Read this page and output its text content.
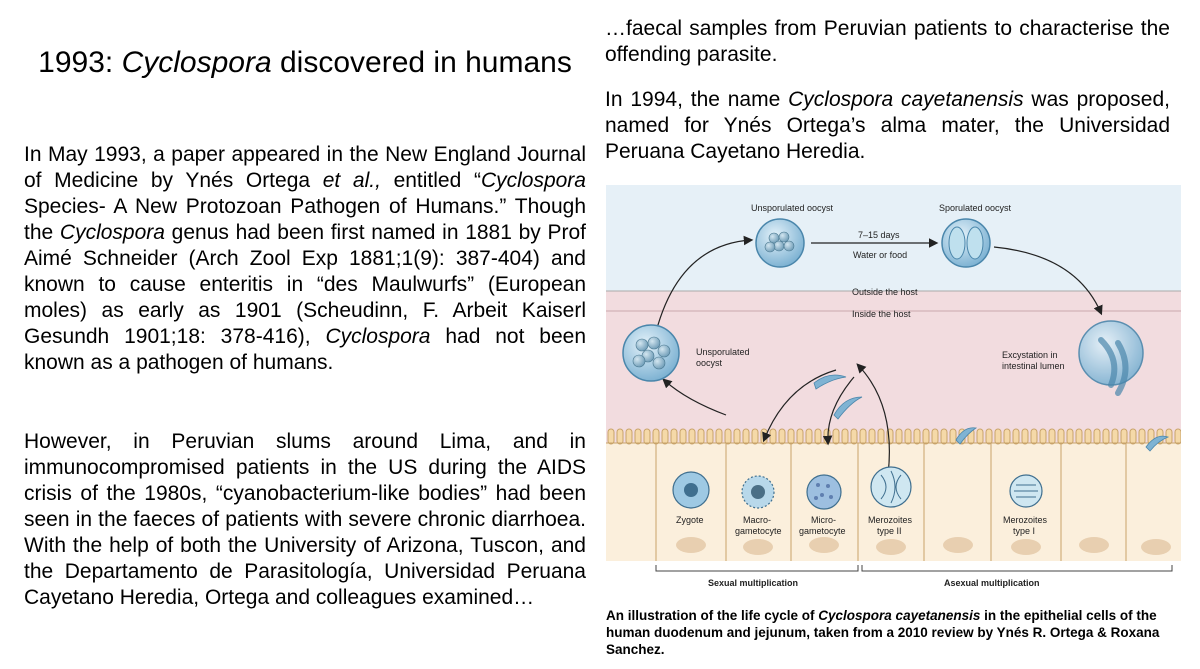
1993: Cyclospora discovered in humans

In May 1993, a paper appeared in the New England Journal of Medicine by Ynés Ortega et al., entitled “Cyclospora Species- A New Protozoan Pathogen of Humans.” Though the Cyclospora genus had been first named in 1881 by Prof Aimé Schneider (Arch Zool Exp 1881;1(9): 387-404) and known to cause enteritis in “des Maulwurfs” (European moles) as early as 1901 (Scheudinn, F. Arbeit Kaiserl Gesundh 1901;18: 378-416), Cyclospora had not been known as a pathogen of humans.

However, in Peruvian slums around Lima, and in immunocompromised patients in the US during the AIDS crisis of the 1980s, “cyanobacterium-like bodies” had been seen in the faeces of patients with severe chronic diarrhoea. With the help of both the University of Arizona, Tuscon, and the Departamento de Parasitología, Universidad Peruana Cayetano Heredia, Ortega and colleagues examined…

…faecal samples from Peruvian patients to characterise the offending parasite.

In 1994, the name Cyclospora cayetanensis was proposed, named for Ynés Ortega’s alma mater, the Universidad Peruana Cayetano Heredia.

Outside the host
Inside the host
Unsporulated oocyst	Sporulated oocyst
7–15 days
Water or food
Unsporulated
oocyst
Excystation in
intestinal lumen
Zygote	Macro-
gametocyte
Micro-
gametocyte
Merozoites
type II
Merozoites
type I
Sexual multiplication	Asexual multiplication

An illustration of the life cycle of Cyclospora cayetanensis in the epithelial cells of the human duodenum and jejunum, taken from a 2010 review by Ynés R. Ortega & Roxana Sanchez.
